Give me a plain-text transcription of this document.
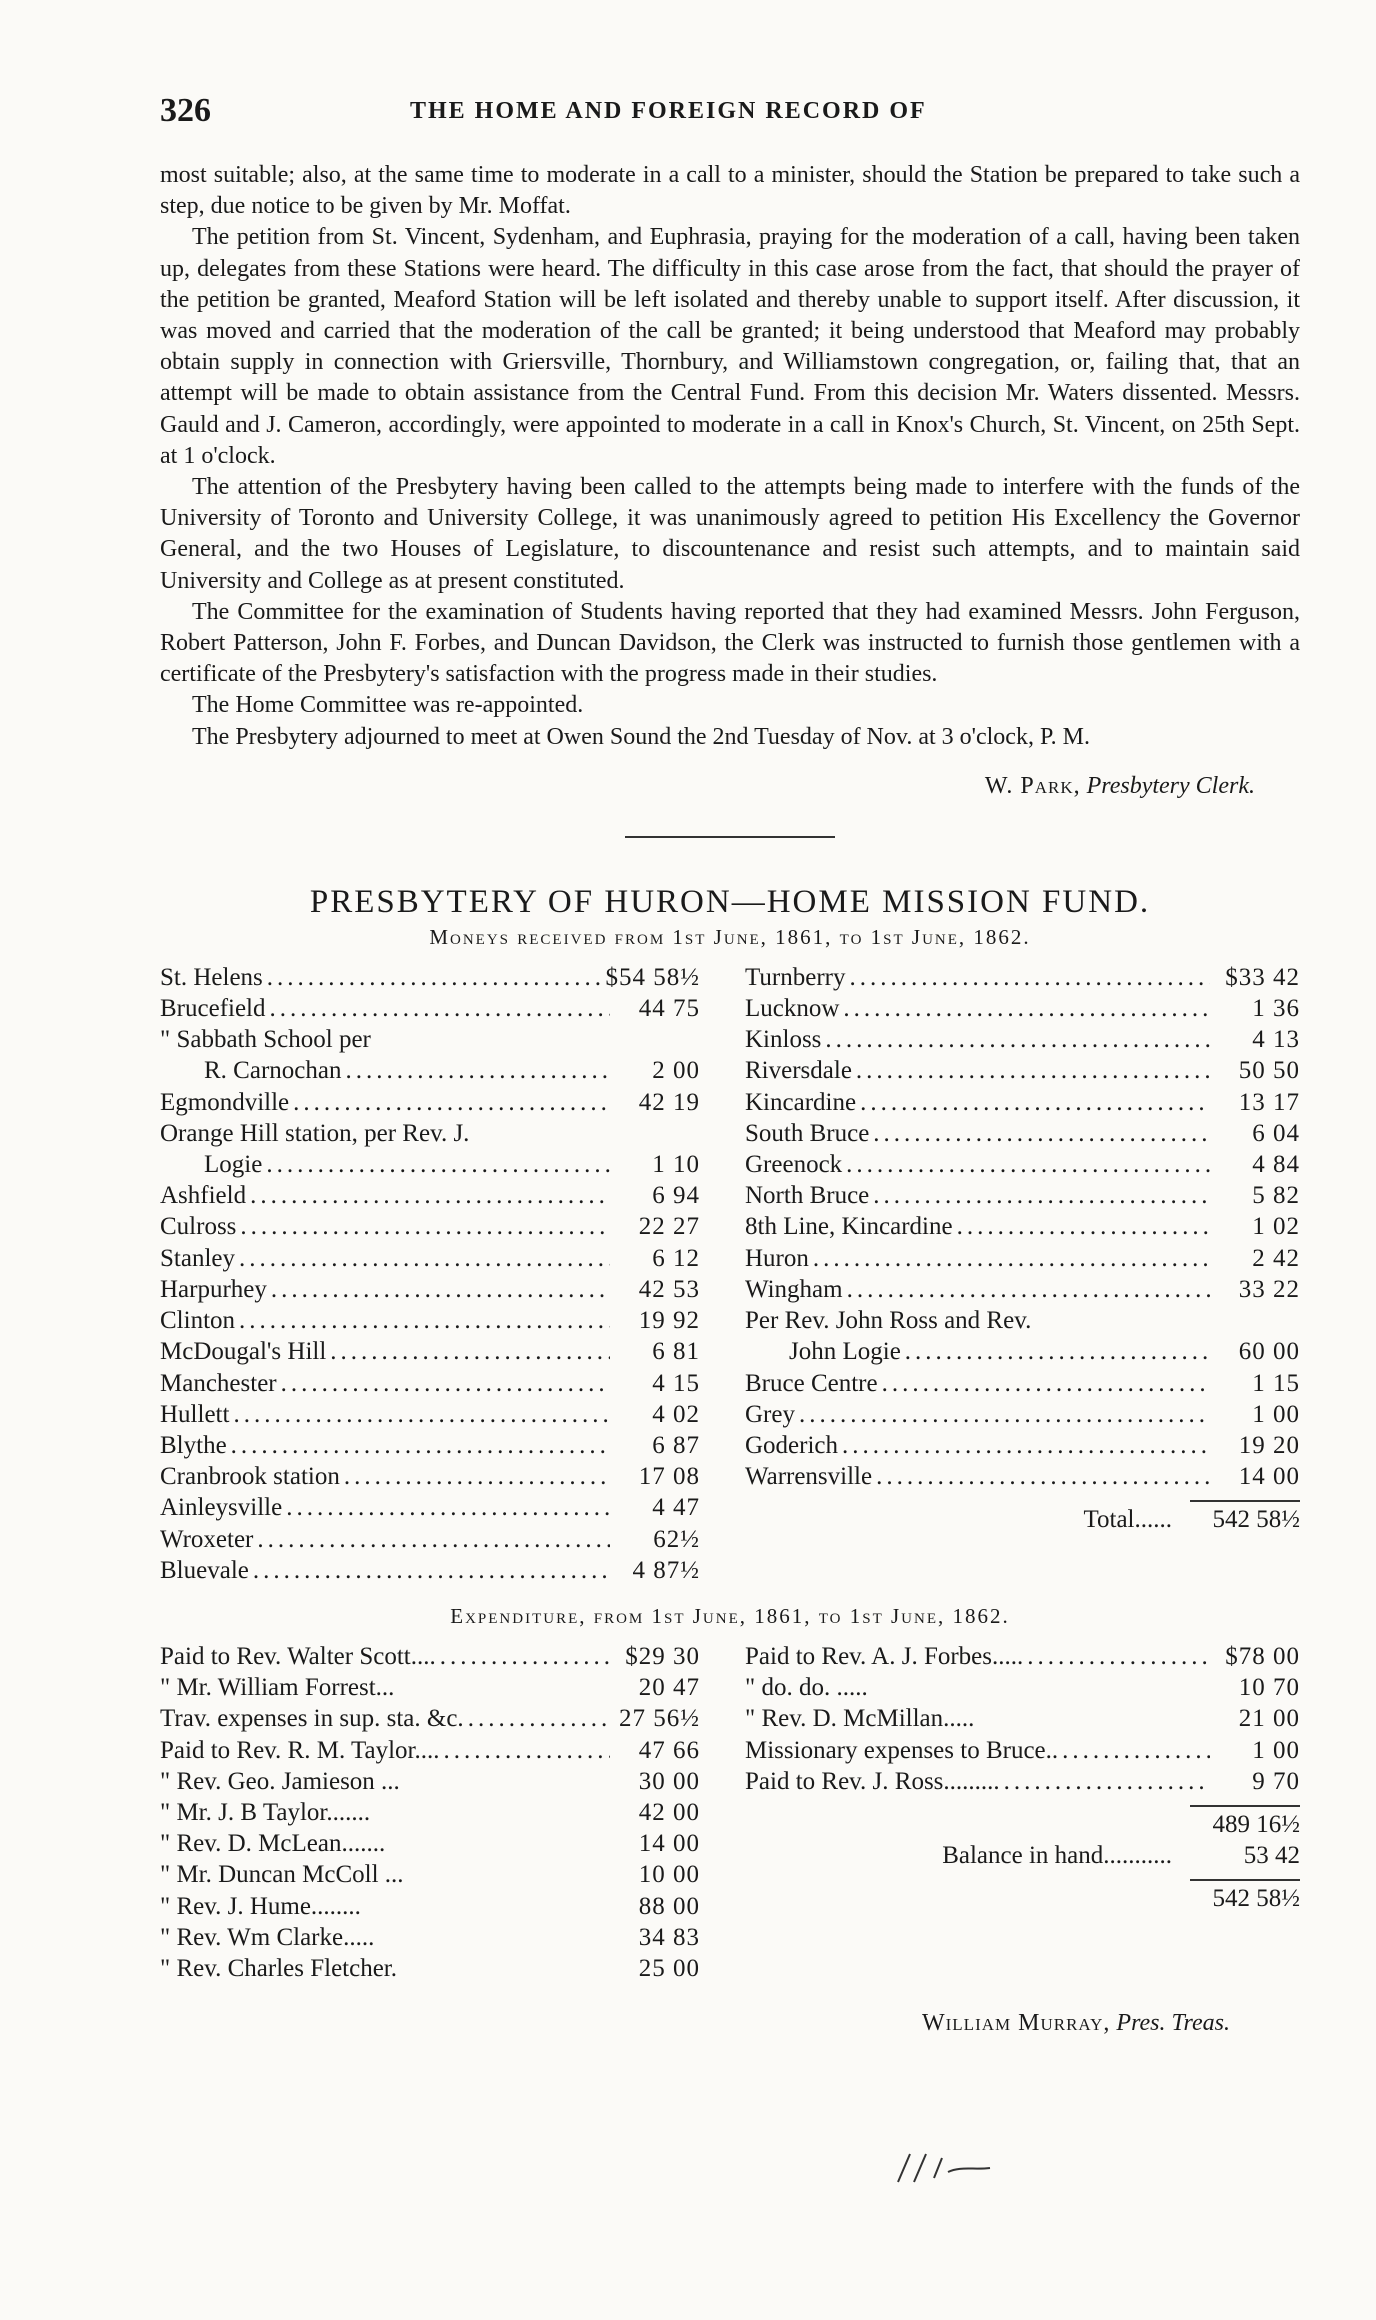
326	THE HOME AND FOREIGN RECORD OF

most suitable; also, at the same time to moderate in a call to a minister, should the Station be prepared to take such a step, due notice to be given by Mr. Moffat.

The petition from St. Vincent, Sydenham, and Euphrasia, praying for the moderation of a call, having been taken up, delegates from these Stations were heard. The difficulty in this case arose from the fact, that should the prayer of the petition be granted, Meaford Station will be left isolated and thereby unable to support itself. After discussion, it was moved and carried that the moderation of the call be granted; it being understood that Meaford may probably obtain supply in connection with Griersville, Thornbury, and Williamstown congregation, or, failing that, that an attempt will be made to obtain assistance from the Central Fund. From this decision Mr. Waters dissented. Messrs. Gauld and J. Cameron, accordingly, were appointed to moderate in a call in Knox's Church, St. Vincent, on 25th Sept. at 1 o'clock.

The attention of the Presbytery having been called to the attempts being made to interfere with the funds of the University of Toronto and University College, it was unanimously agreed to petition His Excellency the Governor General, and the two Houses of Legislature, to discountenance and resist such attempts, and to maintain said University and College as at present constituted.

The Committee for the examination of Students having reported that they had examined Messrs. John Ferguson, Robert Patterson, John F. Forbes, and Duncan Davidson, the Clerk was instructed to furnish those gentlemen with a certificate of the Presbytery's satisfaction with the progress made in their studies.

The Home Committee was re-appointed.

The Presbytery adjourned to meet at Owen Sound the 2nd Tuesday of Nov. at 3 o'clock, P. M.

W. Park, Presbytery Clerk.
PRESBYTERY OF HURON—HOME MISSION FUND.
Moneys received from 1st June, 1861, to 1st June, 1862.
St. Helens .....	$54 58½
Brucefield .....	44 75
" Sabbath School per
R. Carnochan .....	2 00
Egmondville .....	42 19
Orange Hill station, per Rev. J.
Logie .....	1 10
Ashfield .....	6 94
Culross .....	22 27
Stanley .....	6 12
Harpurhey .....	42 53
Clinton .....	19 92
McDougal's Hill .....	6 81
Manchester .....	4 15
Hullett .....	4 02
Blythe .....	6 87
Cranbrook station .....	17 08
Ainleysville .....	4 47
Wroxeter .....	62½
Bluevale .....	4 87½
Turnberry .....	$33 42
Lucknow .....	1 36
Kinloss .....	4 13
Riversdale .....	50 50
Kincardine .....	13 17
South Bruce .....	6 04
Greenock .....	4 84
North Bruce .....	5 82
8th Line, Kincardine .....	1 02
Huron .....	2 42
Wingham .....	33 22
Per Rev. John Ross and Rev.
John Logie .....	60 00
Bruce Centre .....	1 15
Grey .....	1 00
Goderich .....	19 20
Warrensville .....	14 00
Total......	542 58½
Expenditure, from 1st June, 1861, to 1st June, 1862.
Paid to Rev. Walter Scott.... .....	$29 30
" Mr. William Forrest...	20 47
Trav. expenses in sup. sta. &c. .....	27 56½
Paid to Rev. R. M. Taylor.... .....	47 66
" Rev. Geo. Jamieson ...	30 00
" Mr. J. B Taylor.......	42 00
" Rev. D. McLean.......	14 00
" Mr. Duncan McColl ...	10 00
" Rev. J. Hume........	88 00
" Rev. Wm Clarke.....	34 83
" Rev. Charles Fletcher.	25 00
Paid to Rev. A. J. Forbes..... .....	$78 00
" do. do. .....	10 70
" Rev. D. McMillan.....	21 00
Missionary expenses to Bruce.. .....	1 00
Paid to Rev. J. Ross......... .....	9 70
489 16½
Balance in hand...........	53 42
542 58½
William Murray, Pres. Treas.
